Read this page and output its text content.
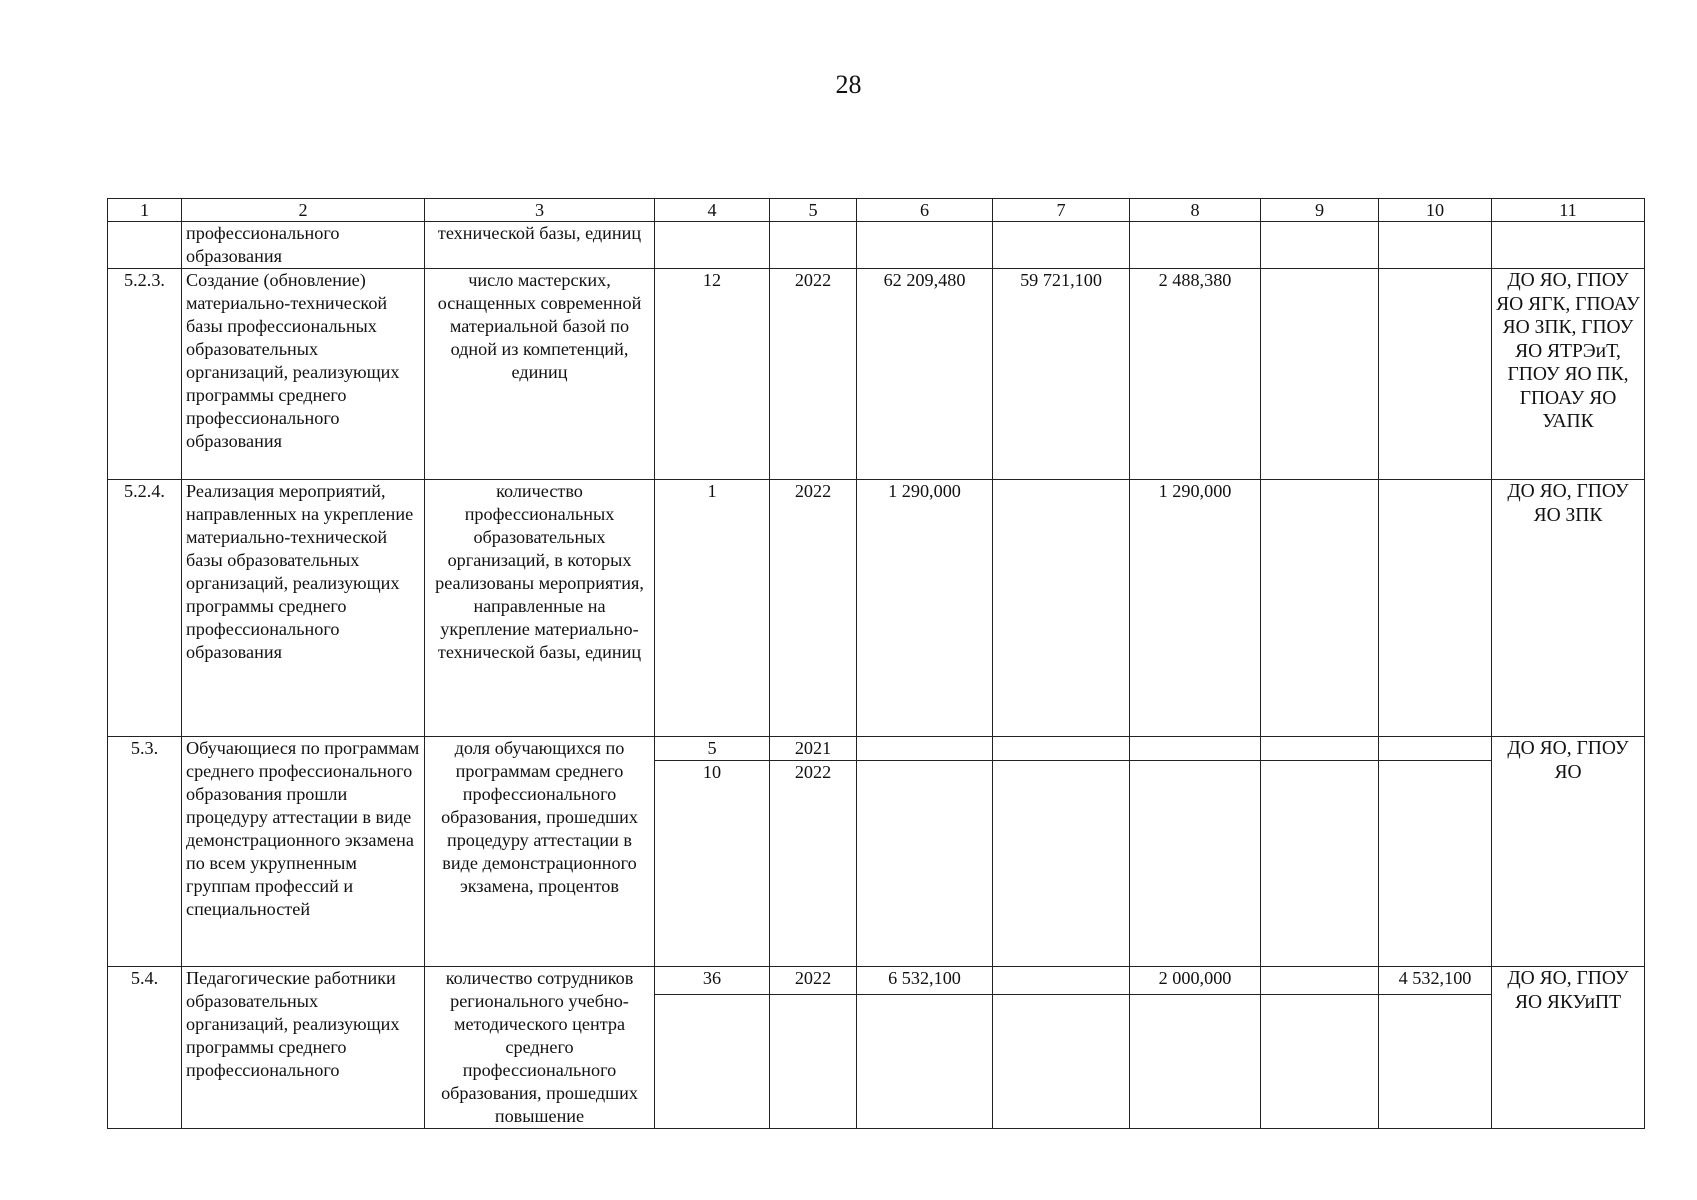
28
1	2	3	4	5	6	7	8	9	10	11
	профессионального образования	технической базы, единиц								
5.2.3.	Создание (обновление) материально-технической базы профессиональных образовательных организаций, реализующих программы среднего профессионального образования	число мастерских, оснащенных современной материальной базой по одной из компетенций, единиц	12	2022	62 209,480	59 721,100	2 488,380			ДО ЯО, ГПОУ ЯО ЯГК, ГПОАУ ЯО ЗПК, ГПОУ ЯО ЯТРЭиТ, ГПОУ ЯО ПК, ГПОАУ ЯО УАПК
5.2.4.	Реализация мероприятий, направленных на укрепление материально-технической базы образовательных организаций, реализующих программы среднего профессионального образования	количество профессиональных образовательных организаций, в которых реализованы мероприятия, направленные на укрепление материально-технической базы, единиц	1	2022	1 290,000		1 290,000			ДО ЯО, ГПОУ ЯО ЗПК
5.3.	Обучающиеся по программам среднего профессионального образования прошли процедуру аттестации в виде демонстрационного экзамена по всем укрупненным группам профессий и специальностей	доля обучающихся по программам среднего профессионального образования, прошедших процедуру аттестации в виде демонстрационного экзамена, процентов	5	2021						ДО ЯО, ГПОУ ЯО
			10	2022						
5.4.	Педагогические работники образовательных организаций, реализующих программы среднего профессионального	количество сотрудников регионального учебно-методического центра среднего профессионального образования, прошедших повышение	36	2022	6 532,100		2 000,000		4 532,100	ДО ЯО, ГПОУ ЯО ЯКУиПТ
